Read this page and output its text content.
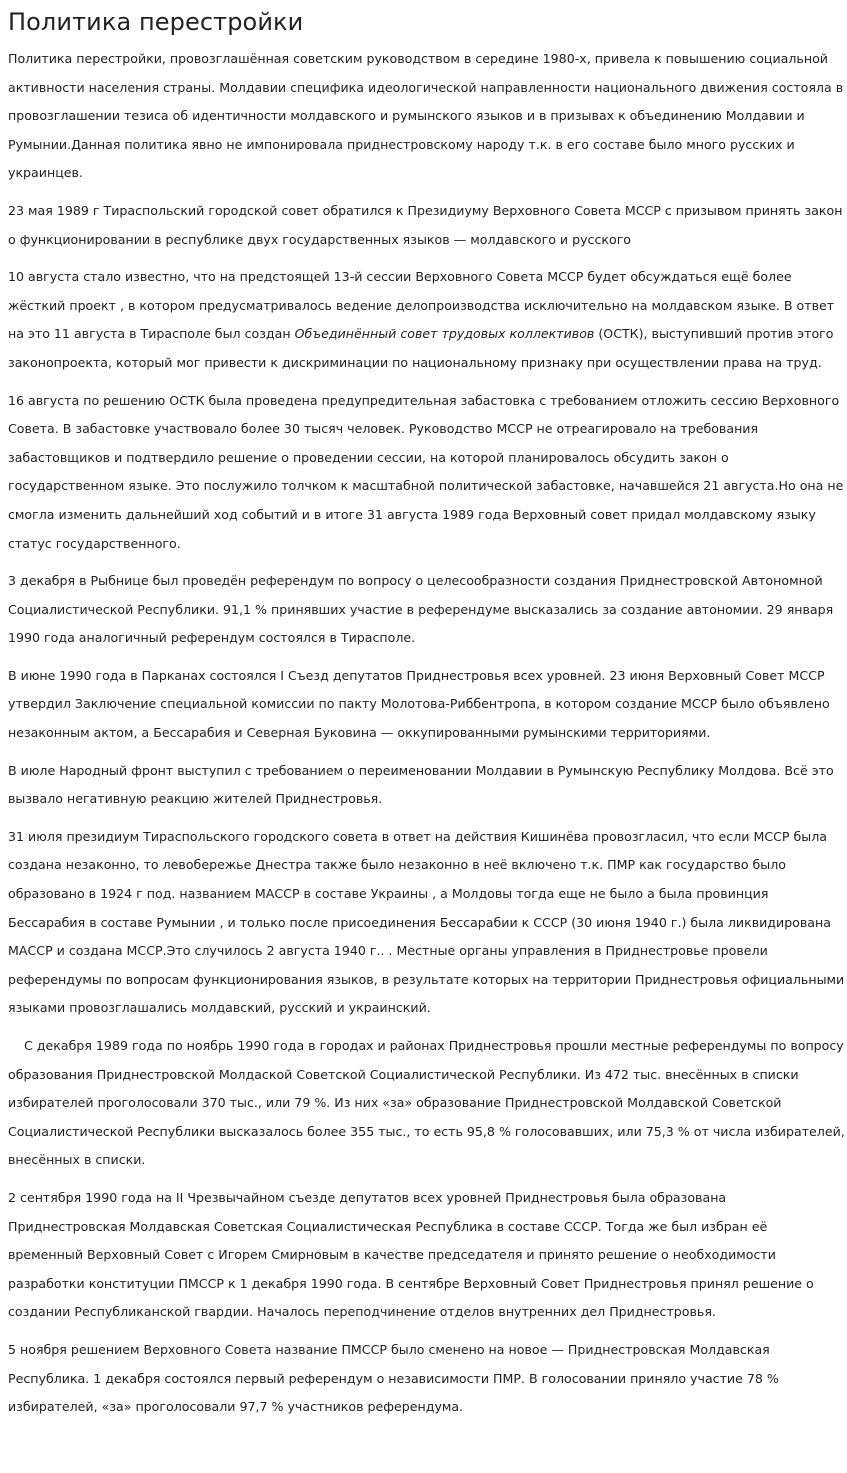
Политика перестройки

Политика перестройки, провозглашённая советским руководством в середине 1980-х, привела к повышению социальной активности населения страны. Молдавии специфика идеологической направленности национального движения состояла в провозглашении тезиса об идентичности молдавского и румынского языков и в призывах к объединению Молдавии и Румынии.Данная политика явно не импонировала приднестровскому народу т.к. в его составе было много русских и украинцев.

23 мая 1989 г Тираспольский городской совет обратился к Президиуму Верховного Совета МССР с призывом принять закон о функционировании в республике двух государственных языков — молдавского и русского

10 августа стало известно, что на предстоящей 13-й сессии Верховного Совета МССР будет обсуждаться ещё более жёсткий проект , в котором предусматривалось ведение делопроизводства исключительно на молдавском языке. В ответ на это 11 августа в Тирасполе был создан Объединённый совет трудовых коллективов (ОСТК), выступивший против этого законопроекта, который мог привести к дискриминации по национальному признаку при осуществлении права на труд.

16 августа по решению ОСТК была проведена предупредительная забастовка с требованием отложить сессию Верховного Совета. В забастовке участвовало более 30 тысяч человек. Руководство МССР не отреагировало на требования забастовщиков и подтвердило решение о проведении сессии, на которой планировалось обсудить закон о государственном языке. Это послужило толчком к масштабной политической забастовке, начавшейся 21 августа.Но она не смогла изменить дальнейший ход событий и в итоге 31 августа 1989 года Верховный совет придал молдавскому языку статус государственного.

3 декабря в Рыбнице был проведён референдум по вопросу о целесообразности создания Приднестровской Автономной Социалистической Республики. 91,1 % принявших участие в референдуме высказались за создание автономии. 29 января 1990 года аналогичный референдум состоялся в Тирасполе.

В июне 1990 года в Парканах состоялся I Съезд депутатов Приднестровья всех уровней. 23 июня Верховный Совет МССР утвердил Заключение специальной комиссии по пакту Молотова-Риббентропа, в котором создание МССР было объявлено незаконным актом, а Бессарабия и Северная Буковина — оккупированными румынскими территориями.

В июле Народный фронт выступил с требованием о переименовании Молдавии в Румынскую Республику Молдова. Всё это вызвало негативную реакцию жителей Приднестровья.

31 июля президиум Тираспольского городского совета в ответ на действия Кишинёва провозгласил, что если МССР была создана незаконно, то левобережье Днестра также было незаконно в неё включено т.к. ПМР как государство было образовано в 1924 г под. названием МАССР в составе Украины , а Молдовы тогда еще не было а была провинция Бессарабия в составе Румынии , и только после присоединения Бессарабии к СССР (30 июня 1940 г.) была ликвидирована МАССР и создана МССР.Это случилось 2 августа 1940 г.. . Местные органы управления в Приднестровье провели референдумы по вопросам функционирования языков, в результате которых на территории Приднестровья официальными языками провозглашались молдавский, русский и украинский.

С декабря 1989 года по ноябрь 1990 года в городах и районах Приднестровья прошли местные референдумы по вопросу образования Приднестровской Молдаской Советской Социалистической Республики. Из 472 тыс. внесённых в списки избирателей проголосовали 370 тыс., или 79 %. Из них «за» образование Приднестровской Молдавской Советской Социалистической Республики высказалось более 355 тыс., то есть 95,8 % голосовавших, или 75,3 % от числа избирателей, внесённых в списки.

2 сентября 1990 года на II Чрезвычайном съезде депутатов всех уровней Приднестровья была образована Приднестровская Молдавская Советская Социалистическая Республика в составе СССР. Тогда же был избран её временный Верховный Совет с Игорем Смирновым в качестве председателя и принято решение о необходимости разработки конституции ПМССР к 1 декабря 1990 года. В сентябре Верховный Совет Приднестровья принял решение о создании Республиканской гвардии. Началось переподчинение отделов внутренних дел Приднестровья.

5 ноября решением Верховного Совета название ПМССР было сменено на новое — Приднестровская Молдавская Республика. 1 декабря состоялся первый референдум о независимости ПМР. В голосовании приняло участие 78 % избирателей, «за» проголосовали 97,7 % участников референдума.
